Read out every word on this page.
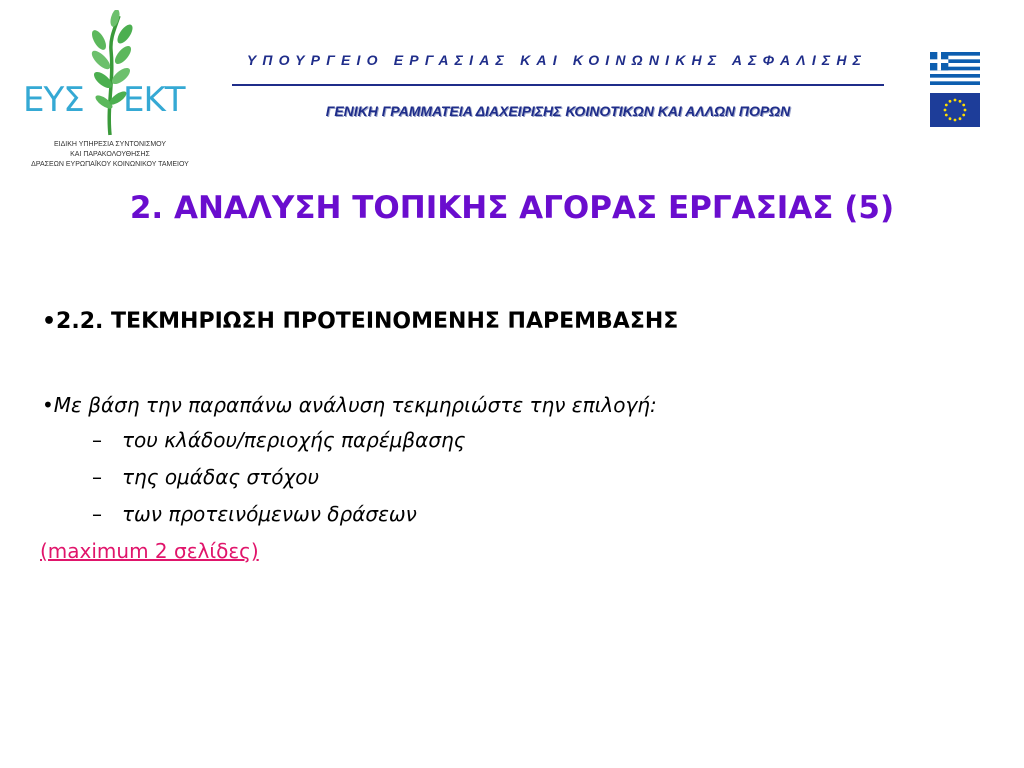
ΕΥΣ ΕΚΤ
ΕΙΔΙΚΗ ΥΠΗΡΕΣΙΑ ΣΥΝΤΟΝΙΣΜΟΥ
ΚΑΙ ΠΑΡΑΚΟΛΟΥΘΗΣΗΣ
ΔΡΑΣΕΩΝ ΕΥΡΩΠΑΪΚΟΥ ΚΟΙΝΩΝΙΚΟΥ ΤΑΜΕΙΟΥ
ΥΠΟΥΡΓΕΙΟ ΕΡΓΑΣΙΑΣ ΚΑΙ ΚΟΙΝΩΝΙΚΗΣ ΑΣΦΑΛΙΣΗΣ
ΓΕΝΙΚΗ ΓΡΑΜΜΑΤΕΙΑ ΔΙΑΧΕΙΡΙΣΗΣ ΚΟΙΝΟΤΙΚΩΝ ΚΑΙ ΑΛΛΩΝ ΠΟΡΩΝ
2. ΑΝΑΛΥΣΗ ΤΟΠΙΚΗΣ ΑΓΟΡΑΣ ΕΡΓΑΣΙΑΣ (5)
•2.2. ΤΕΚΜΗΡΙΩΣΗ ΠΡΟΤΕΙΝΟΜΕΝΗΣ ΠΑΡΕΜΒΑΣΗΣ
•Με βάση την παραπάνω ανάλυση τεκμηριώστε την επιλογή:
– του κλάδου/περιοχής παρέμβασης
– της ομάδας στόχου
– των προτεινόμενων δράσεων
(maximum 2 σελίδες)
